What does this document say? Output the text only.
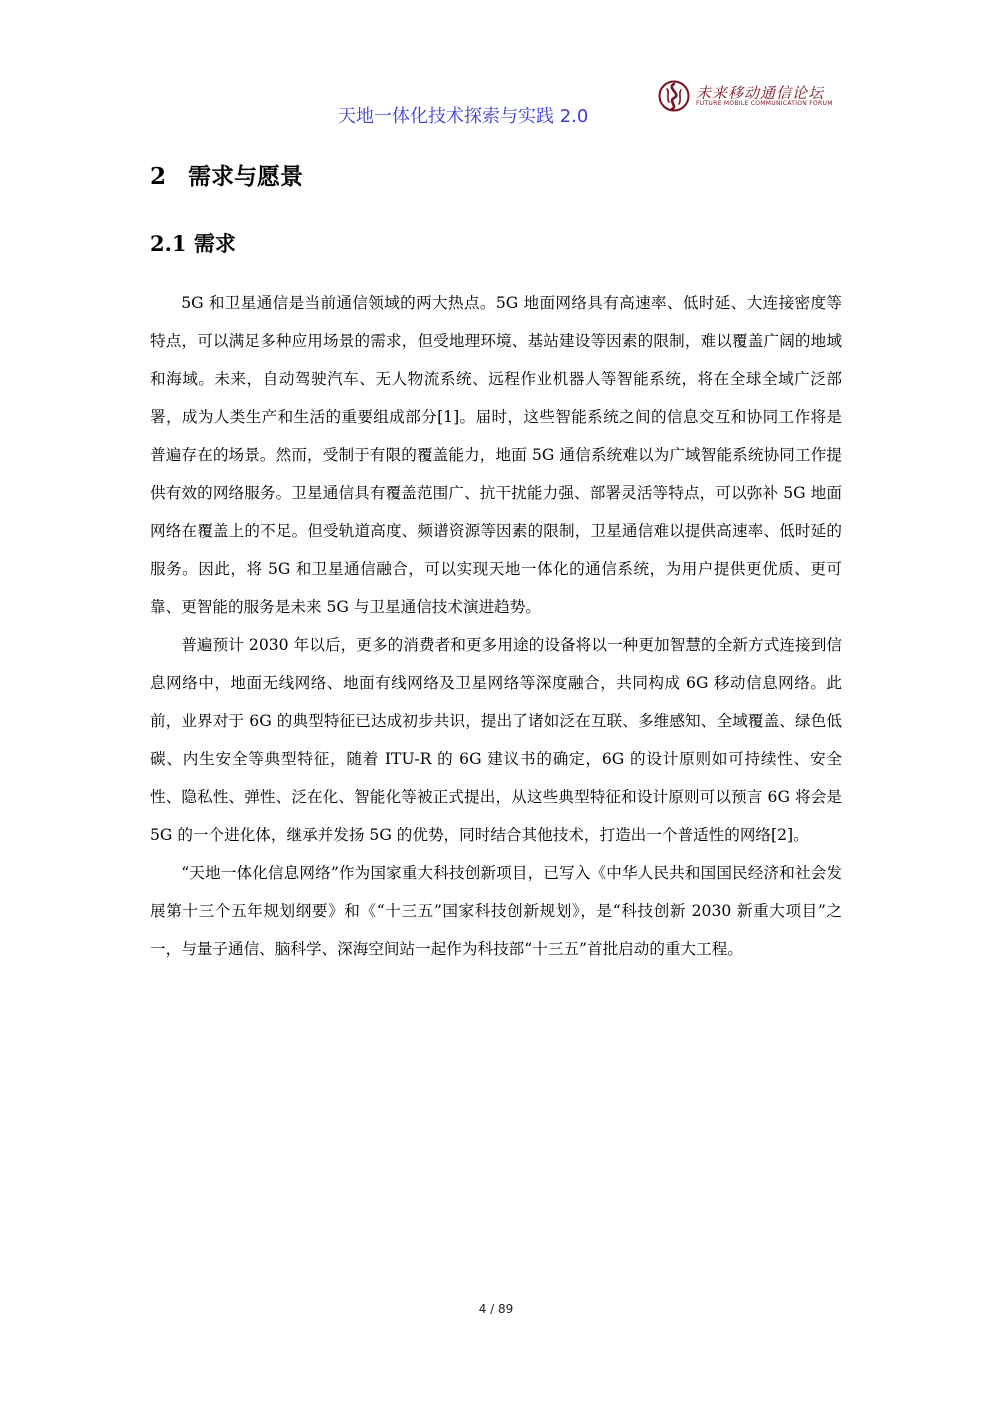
天地一体化技术探索与实践 2.0
未来移动通信论坛
FUTURE MOBILE COMMUNICATION FORUM
2 需求与愿景
2.1 需求

5G 和卫星通信是当前通信领域的两大热点。5G 地面网络具有高速率、低时延、大连接密度等特点，可以满足多种应用场景的需求，但受地理环境、基站建设等因素的限制，难以覆盖广阔的地域和海域。未来，自动驾驶汽车、无人物流系统、远程作业机器人等智能系统，将在全球全域广泛部署，成为人类生产和生活的重要组成部分[1]。届时，这些智能系统之间的信息交互和协同工作将是普遍存在的场景。然而，受制于有限的覆盖能力，地面 5G 通信系统难以为广域智能系统协同工作提供有效的网络服务。卫星通信具有覆盖范围广、抗干扰能力强、部署灵活等特点，可以弥补 5G 地面网络在覆盖上的不足。但受轨道高度、频谱资源等因素的限制，卫星通信难以提供高速率、低时延的服务。因此，将 5G 和卫星通信融合，可以实现天地一体化的通信系统，为用户提供更优质、更可靠、更智能的服务是未来 5G 与卫星通信技术演进趋势。

普遍预计 2030 年以后，更多的消费者和更多用途的设备将以一种更加智慧的全新方式连接到信息网络中，地面无线网络、地面有线网络及卫星网络等深度融合，共同构成 6G 移动信息网络。此前，业界对于 6G 的典型特征已达成初步共识，提出了诸如泛在互联、多维感知、全域覆盖、绿色低碳、内生安全等典型特征，随着 ITU-R 的 6G 建议书的确定，6G 的设计原则如可持续性、安全性、隐私性、弹性、泛在化、智能化等被正式提出，从这些典型特征和设计原则可以预言 6G 将会是 5G 的一个进化体，继承并发扬 5G 的优势，同时结合其他技术，打造出一个普适性的网络[2]。

“天地一体化信息网络”作为国家重大科技创新项目，已写入《中华人民共和国国民经济和社会发展第十三个五年规划纲要》和《“十三五”国家科技创新规划》，是“科技创新 2030 新重大项目”之一，与量子通信、脑科学、深海空间站一起作为科技部“十三五”首批启动的重大工程。

4 / 89
